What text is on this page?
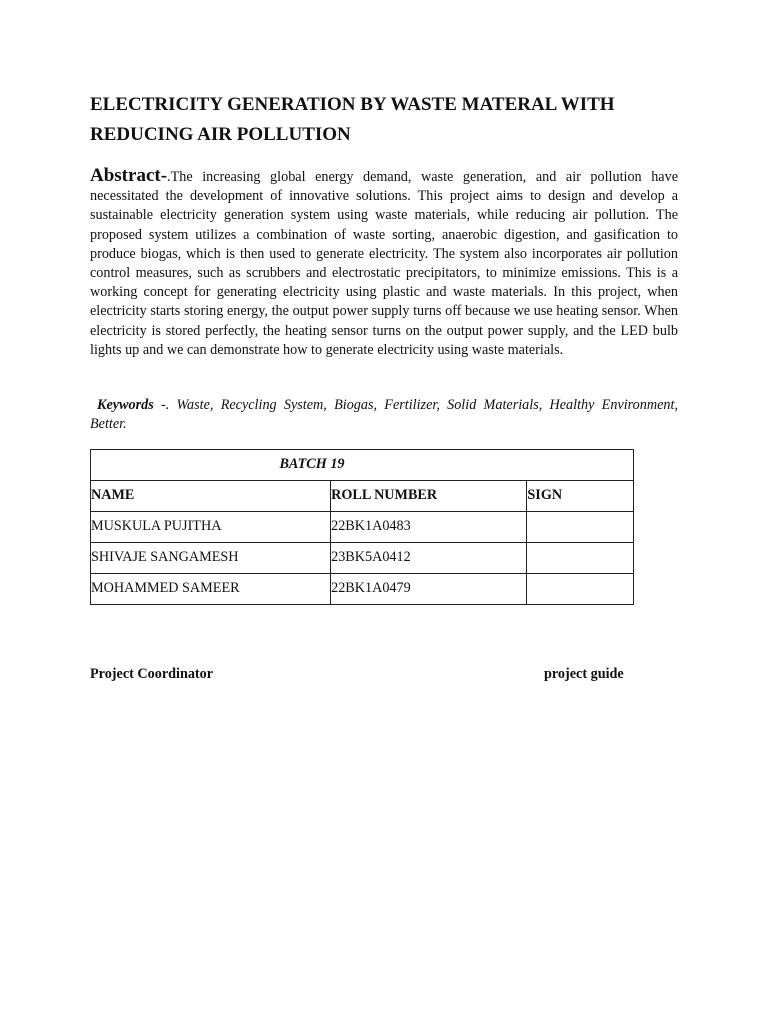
ELECTRICITY GENERATION BY WASTE MATERAL WITH REDUCING AIR POLLUTION

Abstract-.The increasing global energy demand, waste generation, and air pollution have necessitated the development of innovative solutions. This project aims to design and develop a sustainable electricity generation system using waste materials, while reducing air pollution. The proposed system utilizes a combination of waste sorting, anaerobic digestion, and gasification to produce biogas, which is then used to generate electricity. The system also incorporates air pollution control measures, such as scrubbers and electrostatic precipitators, to minimize emissions. This is a working concept for generating electricity using plastic and waste materials. In this project, when electricity starts storing energy, the output power supply turns off because we use heating sensor. When electricity is stored perfectly, the heating sensor turns on the output power supply, and the LED bulb lights up and we can demonstrate how to generate electricity using waste materials.

Keywords -. Waste, Recycling System, Biogas, Fertilizer, Solid Materials, Healthy Environment, Better.

BATCH 19		

NAME	ROLL NUMBER	SIGN

MUSKULA PUJITHA	22BK1A0483	

SHIVAJE SANGAMESH	23BK5A0412	

MOHAMMED SAMEER	22BK1A0479	

Project Coordinator	project guide
